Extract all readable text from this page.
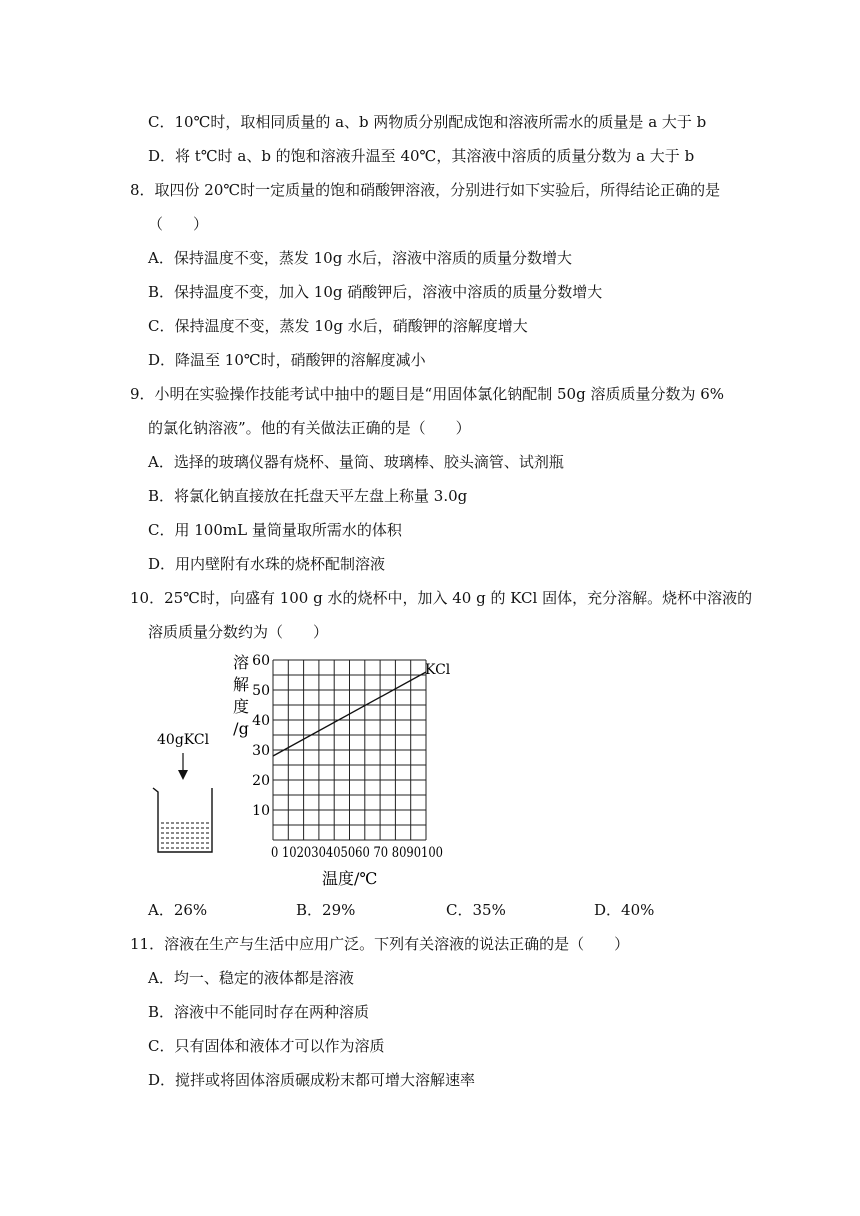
C．10℃时，取相同质量的 a、b 两物质分别配成饱和溶液所需水的质量是 a 大于 b
D．将 t℃时 a、b 的饱和溶液升温至 40℃，其溶液中溶质的质量分数为 a 大于 b
8．取四份 20℃时一定质量的饱和硝酸钾溶液，分别进行如下实验后，所得结论正确的是
（　　）
A．保持温度不变，蒸发 10g 水后，溶液中溶质的质量分数增大
B．保持温度不变，加入 10g 硝酸钾后，溶液中溶质的质量分数增大
C．保持温度不变，蒸发 10g 水后，硝酸钾的溶解度增大
D．降温至 10℃时，硝酸钾的溶解度减小
9．小明在实验操作技能考试中抽中的题目是“用固体氯化钠配制 50g 溶质质量分数为 6%
的氯化钠溶液”。他的有关做法正确的是（　　）
A．选择的玻璃仪器有烧杯、量筒、玻璃棒、胶头滴管、试剂瓶
B．将氯化钠直接放在托盘天平左盘上称量 3.0g
C．用 100mL 量筒量取所需水的体积
D．用内壁附有水珠的烧杯配制溶液
10．25℃时，向盛有 100 g 水的烧杯中，加入 40 g 的 KCl 固体，充分溶解。烧杯中溶液的
溶质质量分数约为（　　）
40gKCl
溶
解
度
/g
10
20
30
40
50
60
0 102030405060 70 8090100
温度/℃
KCl
A．26%	B．29%	C．35%	D．40%
11．溶液在生产与生活中应用广泛。下列有关溶液的说法正确的是（　　）
A．均一、稳定的液体都是溶液
B．溶液中不能同时存在两种溶质
C．只有固体和液体才可以作为溶质
D．搅拌或将固体溶质碾成粉末都可增大溶解速率
